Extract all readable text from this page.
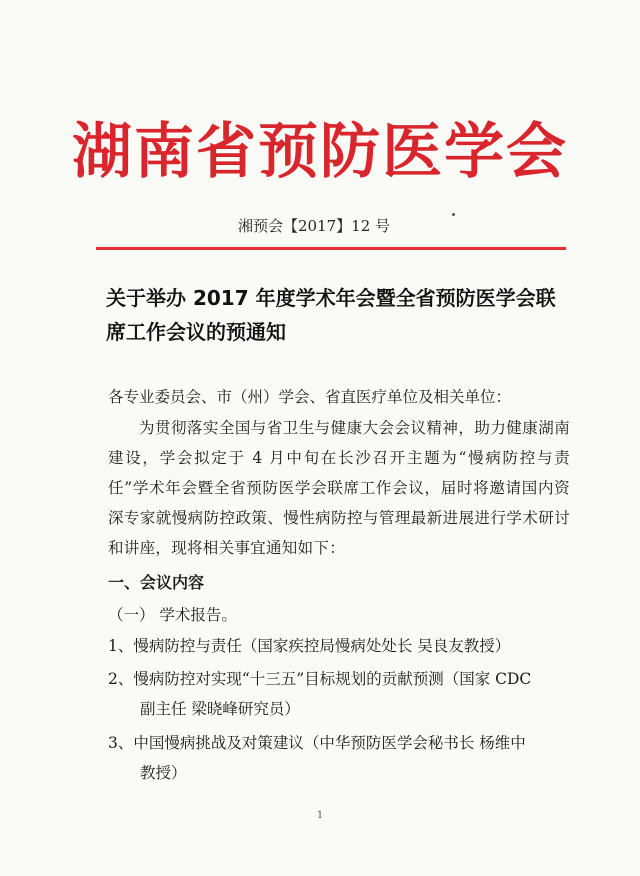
湖南省预防医学会
湘预会【2017】12 号
关于举办 2017 年度学术年会暨全省预防医学会联席工作会议的预通知
各专业委员会、市（州）学会、省直医疗单位及相关单位：
为贯彻落实全国与省卫生与健康大会会议精神，助力健康湖南建设，学会拟定于 4 月中旬在长沙召开主题为“慢病防控与责任”学术年会暨全省预防医学会联席工作会议，届时将邀请国内资深专家就慢病防控政策、慢性病防控与管理最新进展进行学术研讨和讲座，现将相关事宜通知如下：
一、会议内容
（一） 学术报告。
1、慢病防控与责任（国家疾控局慢病处处长 吴良友教授）
2、慢病防控对实现“十三五”目标规划的贡献预测（国家 CDC
副主任 梁晓峰研究员）
3、中国慢病挑战及对策建议（中华预防医学会秘书长 杨维中
教授）
1
